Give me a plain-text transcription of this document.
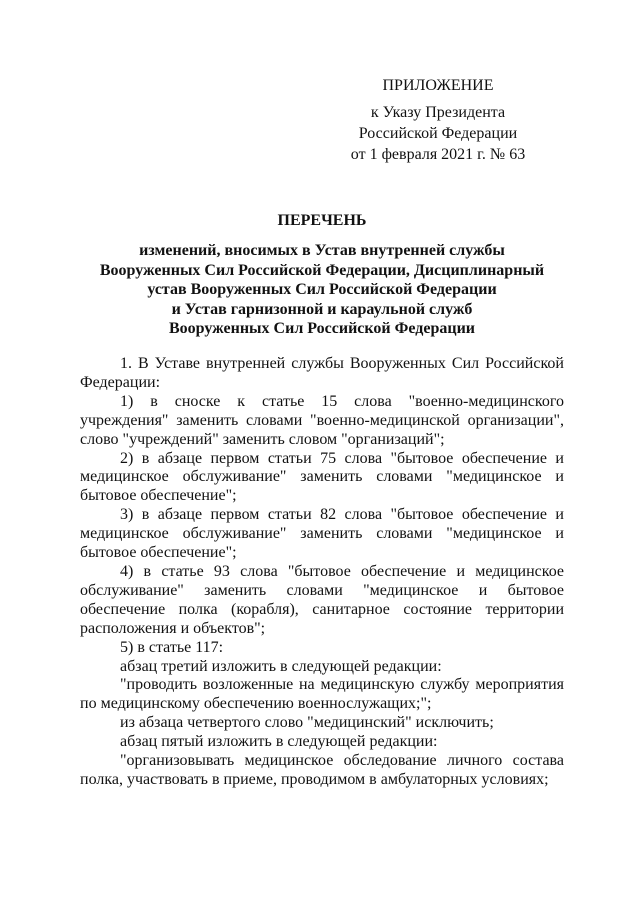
ПРИЛОЖЕНИЕ
к Указу Президента
Российской Федерации
от 1 февраля 2021 г. № 63
ПЕРЕЧЕНЬ
изменений, вносимых в Устав внутренней службы
Вооруженных Сил Российской Федерации, Дисциплинарный
устав Вооруженных Сил Российской Федерации
и Устав гарнизонной и караульной служб
Вооруженных Сил Российской Федерации

1. В Уставе внутренней службы Вооруженных Сил Российской Федерации:

1) в сноске к статье 15 слова "военно-медицинского учреждения" заменить словами "военно-медицинской организации", слово "учреждений" заменить словом "организаций";

2) в абзаце первом статьи 75 слова "бытовое обеспечение и медицинское обслуживание" заменить словами "медицинское и бытовое обеспечение";

3) в абзаце первом статьи 82 слова "бытовое обеспечение и медицинское обслуживание" заменить словами "медицинское и бытовое обеспечение";

4) в статье 93 слова "бытовое обеспечение и медицинское обслуживание" заменить словами "медицинское и бытовое обеспечение полка (корабля), санитарное состояние территории расположения и объектов";

5) в статье 117:

абзац третий изложить в следующей редакции:

"проводить возложенные на медицинскую службу мероприятия по медицинскому обеспечению военнослужащих;";

из абзаца четвертого слово "медицинский" исключить;

абзац пятый изложить в следующей редакции:

"организовывать медицинское обследование личного состава полка, участвовать в приеме, проводимом в амбулаторных условиях;
